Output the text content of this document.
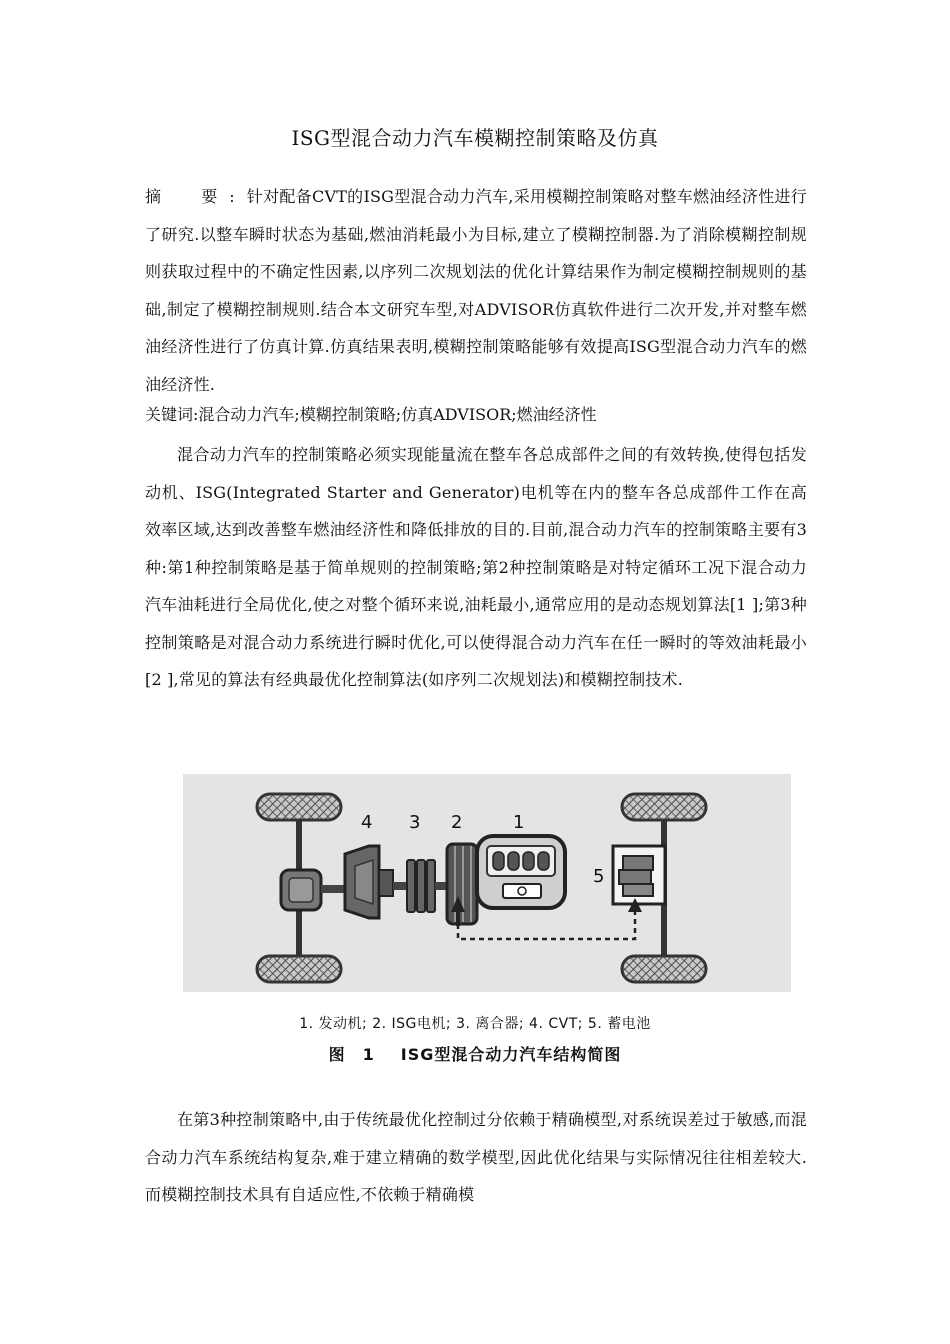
ISG型混合动力汽车模糊控制策略及仿真
摘　要:针对配备CVT的ISG型混合动力汽车,采用模糊控制策略对整车燃油经济性进行了研究.以整车瞬时状态为基础,燃油消耗最小为目标,建立了模糊控制器.为了消除模糊控制规则获取过程中的不确定性因素,以序列二次规划法的优化计算结果作为制定模糊控制规则的基础,制定了模糊控制规则.结合本文研究车型,对ADVISOR仿真软件进行二次开发,并对整车燃油经济性进行了仿真计算.仿真结果表明,模糊控制策略能够有效提高ISG型混合动力汽车的燃油经济性.
关键词:混合动力汽车;模糊控制策略;仿真ADVISOR;燃油经济性
混合动力汽车的控制策略必须实现能量流在整车各总成部件之间的有效转换,使得包括发动机、ISG(Integrated Starter and Generator)电机等在内的整车各总成部件工作在高效率区域,达到改善整车燃油经济性和降低排放的目的.目前,混合动力汽车的控制策略主要有3种:第1种控制策略是基于简单规则的控制策略;第2种控制策略是对特定循环工况下混合动力汽车油耗进行全局优化,使之对整个循环来说,油耗最小,通常应用的是动态规划算法[1 ];第3种控制策略是对混合动力系统进行瞬时优化,可以使得混合动力汽车在任一瞬时的等效油耗最小[2 ],常见的算法有经典最优化控制算法(如序列二次规划法)和模糊控制技术.
4 3 2	1
5
1. 发动机; 2. ISG电机; 3. 离合器; 4. CVT; 5. 蓄电池
图　1 ISG型混合动力汽车结构简图
在第3种控制策略中,由于传统最优化控制过分依赖于精确模型,对系统误差过于敏感,而混合动力汽车系统结构复杂,难于建立精确的数学模型,因此优化结果与实际情况往往相差较大.而模糊控制技术具有自适应性,不依赖于精确模
